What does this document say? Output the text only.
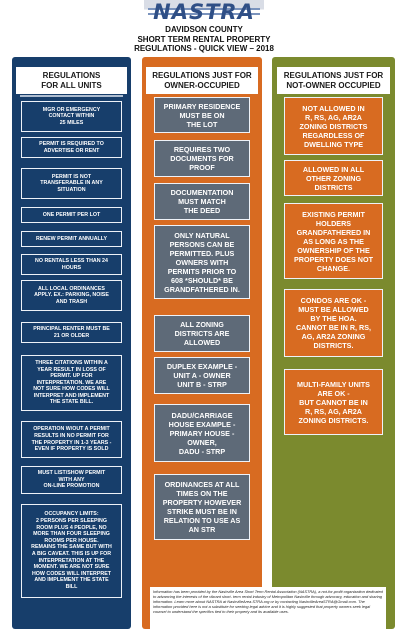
NASTRA
DAVIDSON COUNTY
SHORT TERM RENTAL PROPERTY
REGULATIONS - QUICK VIEW – 2018
REGULATIONS
FOR ALL UNITS
MGR OR EMERGENCY
CONTACT WITHIN
25 MILES
PERMIT IS REQUIRED TO
ADVERTISE OR RENT
PERMIT IS NOT
TRANSFERABLE IN ANY
SITUATION
ONE PERMIT PER LOT
RENEW PERMIT ANNUALLY
NO RENTALS LESS THAN 24
HOURS
ALL LOCAL ORDINANCES
APPLY. EX.: PARKING, NOISE
AND TRASH
PRINCIPAL RENTER MUST BE
21 OR OLDER
THREE CITATIONS WITHIN A
YEAR RESULT IN LOSS OF
PERMIT. UP FOR
INTERPRETATION. WE ARE
NOT SURE HOW CODES WILL
INTERPRET AND IMPLEMENT
THE STATE BILL.
OPERATION W/OUT A PERMIT
RESULTS IN NO PERMIT FOR
THE PROPERTY IN 1-3 YEARS -
EVEN IF PROPERTY IS SOLD
MUST LIST/SHOW PERMIT
WITH ANY
ON-LINE PROMOTION
OCCUPANCY LIMITS:
2 PERSONS PER SLEEPING
ROOM PLUS 4 PEOPLE, NO
MORE THAN FOUR SLEEPING
ROOMS PER HOUSE.
REMAINS THE SAME BUT WITH
A BIG CAVEAT. THIS IS UP FOR
INTERPRETATION AT THE
MOMENT. WE ARE NOT SURE
HOW CODES WILL INTERPRET
AND IMPLEMENT THE STATE
BILL
REGULATIONS JUST FOR
OWNER-OCCUPIED
PRIMARY RESIDENCE
MUST BE ON
THE LOT
REQUIRES TWO
DOCUMENTS FOR
PROOF
DOCUMENTATION
MUST MATCH
THE DEED
ONLY NATURAL
PERSONS CAN BE
PERMITTED. PLUS
OWNERS WITH
PERMITS PRIOR TO
608 *SHOULD* BE
GRANDFATHERED IN.
ALL ZONING
DISTRICTS ARE
ALLOWED
DUPLEX EXAMPLE -
UNIT A - OWNER
UNIT B - STRP
DADU/CARRIAGE
HOUSE EXAMPLE -
PRIMARY HOUSE -
OWNER,
DADU - STRP
ORDINANCES AT ALL
TIMES ON THE
PROPERTY HOWEVER
STRIKE MUST BE IN
RELATION TO USE AS
AN STR
REGULATIONS JUST FOR
NOT-OWNER OCCUPIED
NOT ALLOWED IN
R, RS, AG, AR2A
ZONING DISTRICTS
REGARDLESS OF
DWELLING TYPE
ALLOWED IN ALL
OTHER ZONING
DISTRICTS
EXISTING PERMIT
HOLDERS
GRANDFATHERED IN
AS LONG AS THE
OWNERSHIP OF THE
PROPERTY DOES NOT
CHANGE.
CONDOS ARE OK -
MUST BE ALLOWED
BY THE HOA.
CANNOT BE IN R, RS,
AG, AR2A ZONING
DISTRICTS.
MULTI-FAMILY UNITS
ARE OK -
BUT CANNOT BE IN
R, RS, AG, AR2A
ZONING DISTRICTS.
Information has been provided by the Nashville Area Short Term Rental Association (NASTRA), a not-for-profit organization dedicated to advancing the interests of the vibrant short- term rental industry of Metropolitan Nashville through advocacy, education and sharing information. Learn more about NASTRA at NashvilleArea.STRA.org or by contacting NashvilleAreaSTRA@Gmail.com. The information provided here is not a substitute for seeking legal advice and it is highly suggested that property owners seek legal counsel to understand the specifics tied to their property and its available uses.
